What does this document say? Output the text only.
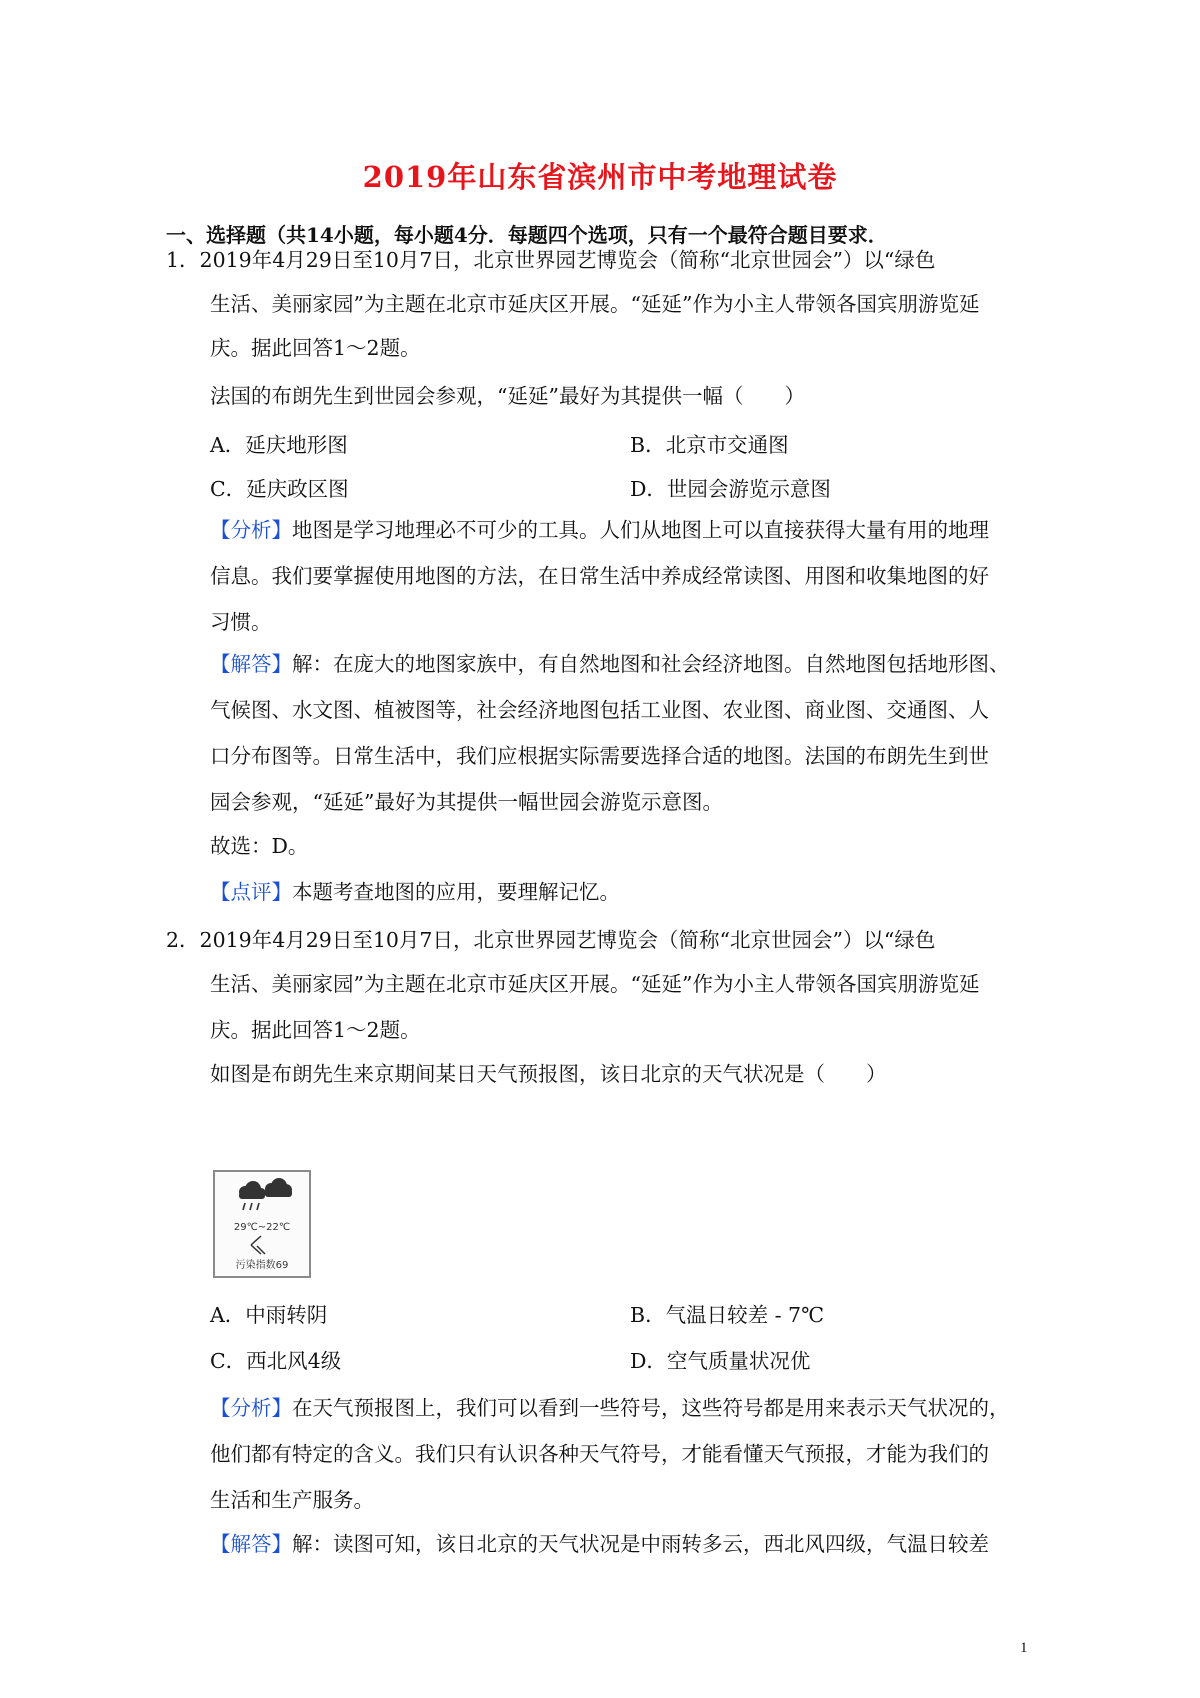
2019年山东省滨州市中考地理试卷
一、选择题（共14小题，每小题4分．每题四个选项，只有一个最符合题目要求．
1．2019年4月29日至10月7日，北京世界园艺博览会（简称“北京世园会”）以“绿色
生活、美丽家园”为主题在北京市延庆区开展。“延延”作为小主人带领各国宾朋游览延
庆。据此回答1～2题。
法国的布朗先生到世园会参观，“延延”最好为其提供一幅（　　）
A．延庆地形图	B．北京市交通图
C．延庆政区图	D．世园会游览示意图
【分析】地图是学习地理必不可少的工具。人们从地图上可以直接获得大量有用的地理
信息。我们要掌握使用地图的方法，在日常生活中养成经常读图、用图和收集地图的好
习惯。
【解答】解：在庞大的地图家族中，有自然地图和社会经济地图。自然地图包括地形图、
气候图、水文图、植被图等，社会经济地图包括工业图、农业图、商业图、交通图、人
口分布图等。日常生活中，我们应根据实际需要选择合适的地图。法国的布朗先生到世
园会参观，“延延”最好为其提供一幅世园会游览示意图。
故选：D。
【点评】本题考查地图的应用，要理解记忆。
2．2019年4月29日至10月7日，北京世界园艺博览会（简称“北京世园会”）以“绿色
生活、美丽家园”为主题在北京市延庆区开展。“延延”作为小主人带领各国宾朋游览延
庆。据此回答1～2题。
如图是布朗先生来京期间某日天气预报图，该日北京的天气状况是（　　）
29℃~22℃
污染指数69
A．中雨转阴	B．气温日较差 - 7℃
C．西北风4级	D．空气质量状况优
【分析】在天气预报图上，我们可以看到一些符号，这些符号都是用来表示天气状况的，
他们都有特定的含义。我们只有认识各种天气符号，才能看懂天气预报，才能为我们的
生活和生产服务。
【解答】解：读图可知，该日北京的天气状况是中雨转多云，西北风四级，气温日较差
1
